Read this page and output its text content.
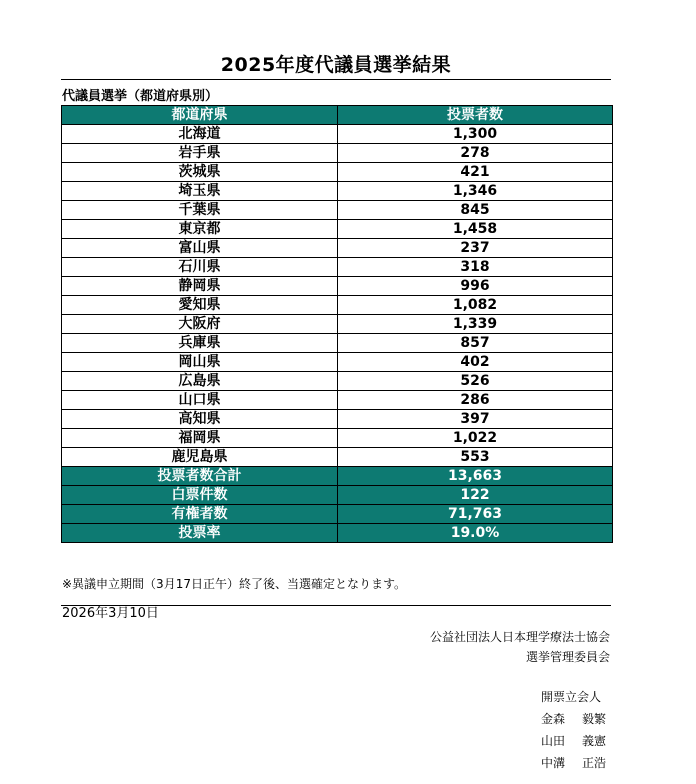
2025年度代議員選挙結果
代議員選挙（都道府県別）
都道府県	投票者数
北海道	1,300
岩手県	278
茨城県	421
埼玉県	1,346
千葉県	845
東京都	1,458
富山県	237
石川県	318
静岡県	996
愛知県	1,082
大阪府	1,339
兵庫県	857
岡山県	402
広島県	526
山口県	286
高知県	397
福岡県	1,022
鹿児島県	553
投票者数合計	13,663
白票件数	122
有権者数	71,763
投票率	19.0%
※異議申立期間（3月17日正午）終了後、当選確定となります。
2026年3月10日
公益社団法人日本理学療法士協会
選挙管理委員会
開票立会人
金森 毅繁
山田 義憲
中溝 正浩
